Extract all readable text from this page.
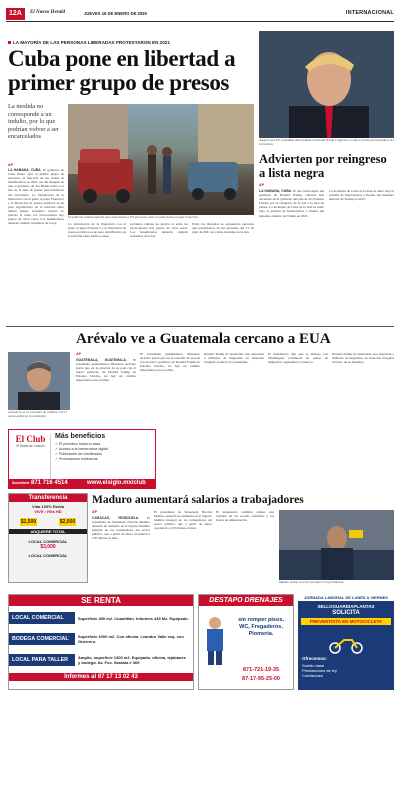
12A	El Nuevo Herald	JUEVES 16 DE ENERO DE 2025	INTERNACIONAL
LA MAYORÍA DE LAS PERSONAS LIBERADAS PROTESTARON EN 2021
Cuba pone en libertad a primer grupo de presos
La medida no corresponde a un indulto, por lo que podrían volver a ser encarcelados
El gobierno cubano informó que excarcelaría a 553 personas como un gesto hacia el papa Francisco.
AP
LA HABANA, CUBA. El gobierno de Cuba liberó ayer al primer grupo de personas, la mayoría de las cuales se manifestaron en 2021, un día después de que el gobierno de Joe Biden retiró a la isla de la lista de países patrocinadores del terrorismo. La vinculación de la liberación con el gesto al papa Francisco y la liberación de presos políticos es un paso significativo en la relación entre ambos países. Gobierno cubano no precisó si entre los excarcelados hay presos de otros casos. Los beneficiados deberán cumplir requisitos de la ley.	La vinculación de la liberación con el gesto al papa Francisco y la liberación de presos políticos es un paso significativo en la relación entre ambos países.
Gobierno cubano no precisó si entre los excarcelados hay presos de otros casos. Los beneficiados deberán cumplir requisitos de la ley.
Entre los liberados se encuentran personas que participaron en las protestas del 11 de julio de 2021 en varias ciudades de la isla.
Asegura que EU a quedado desarrollado al Donald Trump e ingresar a Cuba a la lista patrocinadora del terrorismo.
Advierten por reingreso a lista negra
AP
LA HABANA, CUBA. El alto funcionario del gobierno de Donald Trump, cubanos han advertido en el gobierno del país de los Estados Unidos por el reingreso de la isla a la lista de países. La inclusión de Cuba en la lista se tomó bajo la presión de funcionarios a finales del mandato anterior de Trump en 2021.
La inclusión de Cuba en la lista se tomó bajo la presión de funcionarios a finales del mandato anterior de Trump en 2021.
Arévalo ve a Guatemala cercano a EUA
Arévalo se ve su encuentro de conflicto con el nuevo gobierno en noviembre.
AP
GUATEMALA, GUATEMALA. El presidente guatemalteco Bernardo Arévalo prevé que en la relación de su país con el nuevo gobierno de Donald Trump en Estados Unidos, no hay un cambio importante para el istmo.
El presidente guatemalteco Bernardo Arévalo prevé que en la relación de su país con el nuevo gobierno de Donald Trump en Estados Unidos, no hay un cambio importante para el istmo.
Donald Trump ha anunciado que deportará a millones de migrantes en situación irregular al inicio de su mandato.
El mandatario dijo que el diálogo con Washington continuará en temas de migración, seguridad y comercio.
Donald Trump ha anunciado que deportará a millones de migrantes en situación irregular al inicio de su mandato.
El Club
El Diario de Cancún
Más beneficios
✓ El periódico hasta tu casa
✓ Acceso a la hemeroteca digital
✓ Publicación de clasificados
✓ Promociones exclusivas
Suscríbete 871 716 4514	www.elsiglo.mx/club
Transferencia
Vida 100% Renta
VIVE • Rifa HD
$1,500	$2,000
ADQUIERE TOTAL
LOCAL COMERCIAL
$3,000
LOCAL COMERCIAL
Maduro aumentará salarios a trabajadores
AP
CARACAS, VENEZUELA. El presidente de Venezuela Nicolás Maduro anunció un aumento en el ingreso mínimo integral de los trabajadores del sector público, que a partir de ahora ascenderá a 130 dólares al mes.
El presidente de Venezuela Nicolás Maduro anunció un aumento en el ingreso mínimo integral de los trabajadores del sector público, que a partir de ahora ascenderá a 130 dólares al mes.
El mandatario también ordenó una revisión de las escalas salariales y los bonos de alimentación.
Maduro asume su tercer periodo en la presidencia.
SE RENTA
LOCAL COMERCIAL	Superficie 450 m2. Cuautitlán. Informes 445 Mz. Equipado.
BODEGA COMERCIAL	Superficie 1000 m2. Con oficina. Leandro Valle esq. con Guerrero.
LOCAL PARA TALLER	Amplio, superficie 1300 m2. Equipado, oficina, tejabanes y bodega. Av. Fco. Sarabia # 369
Informes al 87 17 13 02 43
DESTAPO DRENAJES
sin romper pisos,
WC, Fregaderos,
Piomeria.
871-721-19-35
87-17-95-25-00
JORNADA LABORAL DE LUNES A VIERNES
SELLOGUARDIAPLANTAS
SOLICITA
PREVENTISTA EN MOTOCICLETA
Ofrecemos:
Sueldo base
Prestaciones de ley
Comisiones
